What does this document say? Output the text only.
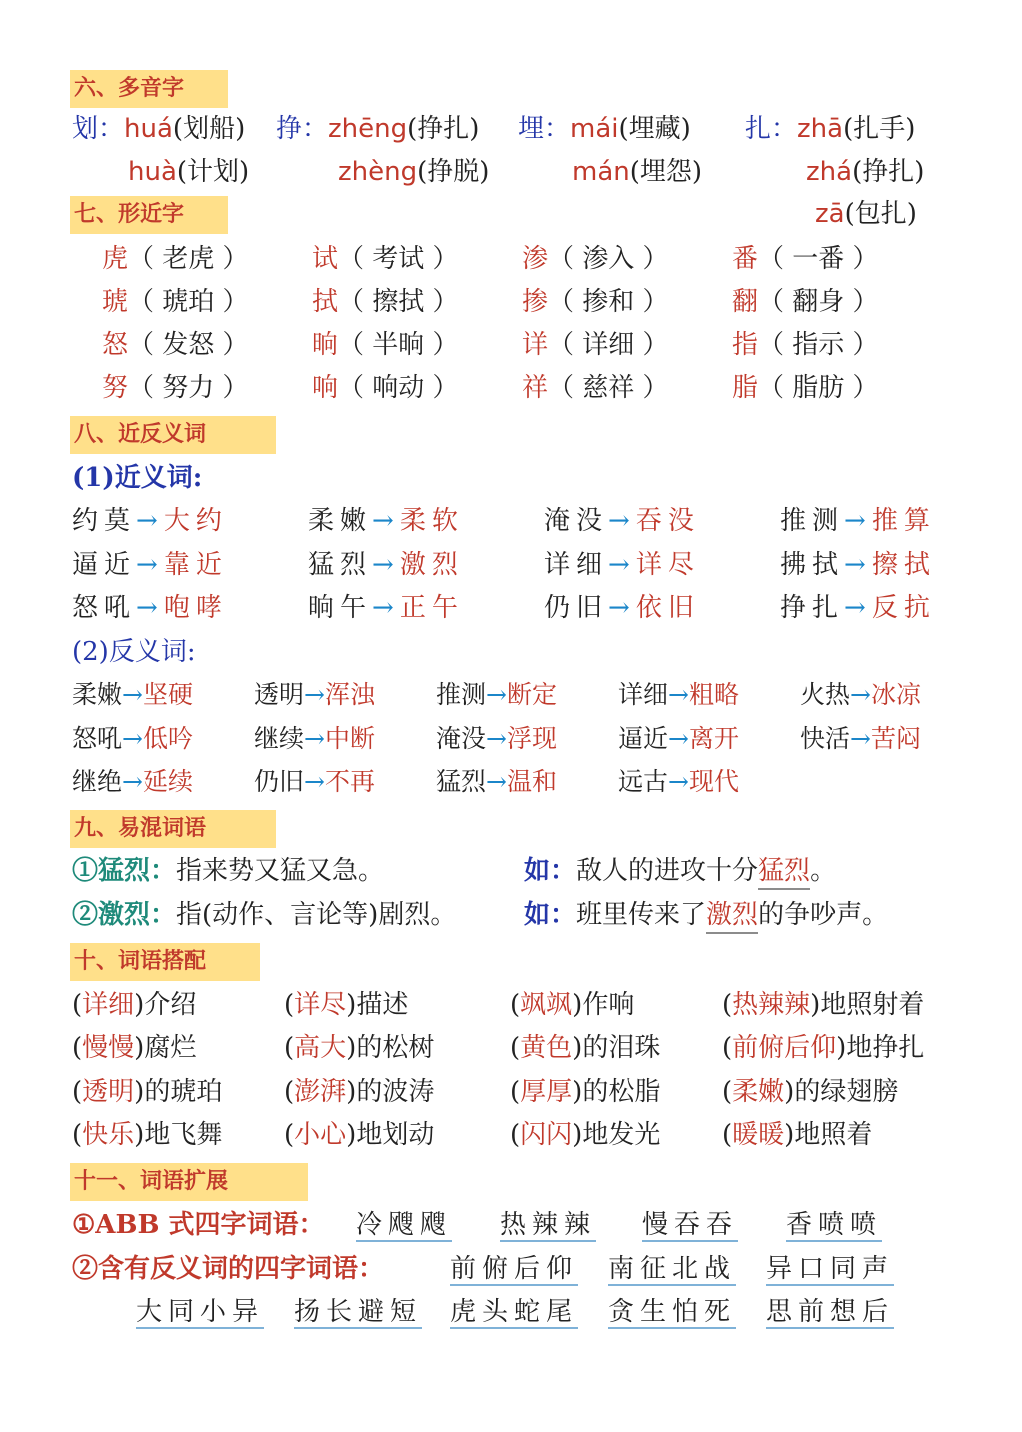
六、多音字
划：huá(划船) 挣：zhēng(挣扎) 埋：mái(埋藏) 扎：zhā(扎手)
huà(计划)	zhèng(挣脱)	mán(埋怨)	zhá(挣扎)
zā(包扎)
七、形近字
虎（ 老虎 ） 试（ 考试 ） 渗（ 渗入 ） 番（ 一番 ）
琥（ 琥珀 ） 拭（ 擦拭 ） 掺（ 掺和 ） 翻（ 翻身 ）
怒（ 发怒 ） 晌（ 半晌 ） 详（ 详细 ） 指（ 指示 ）
努（ 努力 ） 响（ 响动 ） 祥（ 慈祥 ） 脂（ 脂肪 ）
八、近反义词
(1)近义词:
约莫→大约	柔嫩→柔软	淹没→吞没	推测→推算
逼近→靠近	猛烈→激烈	详细→详尽	拂拭→擦拭
怒吼→咆哮	晌午→正午	仍旧→依旧	挣扎→反抗
(2)反义词:
柔嫩→坚硬 透明→浑浊 推测→断定 详细→粗略 火热→冰凉
怒吼→低吟 继续→中断 淹没→浮现 逼近→离开 快活→苦闷
继绝→延续 仍旧→不再 猛烈→温和 远古→现代
九、易混词语
①猛烈：指来势又猛又急。	如：敌人的进攻十分猛烈。
②激烈：指(动作、言论等)剧烈。	如：班里传来了激烈的争吵声。
十、词语搭配
(详细)介绍	(详尽)描述	(飒飒)作响	(热辣辣)地照射着
(慢慢)腐烂	(高大)的松树	(黄色)的泪珠 (前俯后仰)地挣扎
(透明)的琥珀 (澎湃)的波涛	(厚厚)的松脂 (柔嫩)的绿翅膀
(快乐)地飞舞 (小心)地划动	(闪闪)地发光 (暖暖)地照着
十一、词语扩展
①ABB 式四字词语： 冷飕飕 热辣辣 慢吞吞 香喷喷
②含有反义词的四字词语：	前俯后仰 南征北战 异口同声
大同小异 扬长避短 虎头蛇尾 贪生怕死 思前想后
